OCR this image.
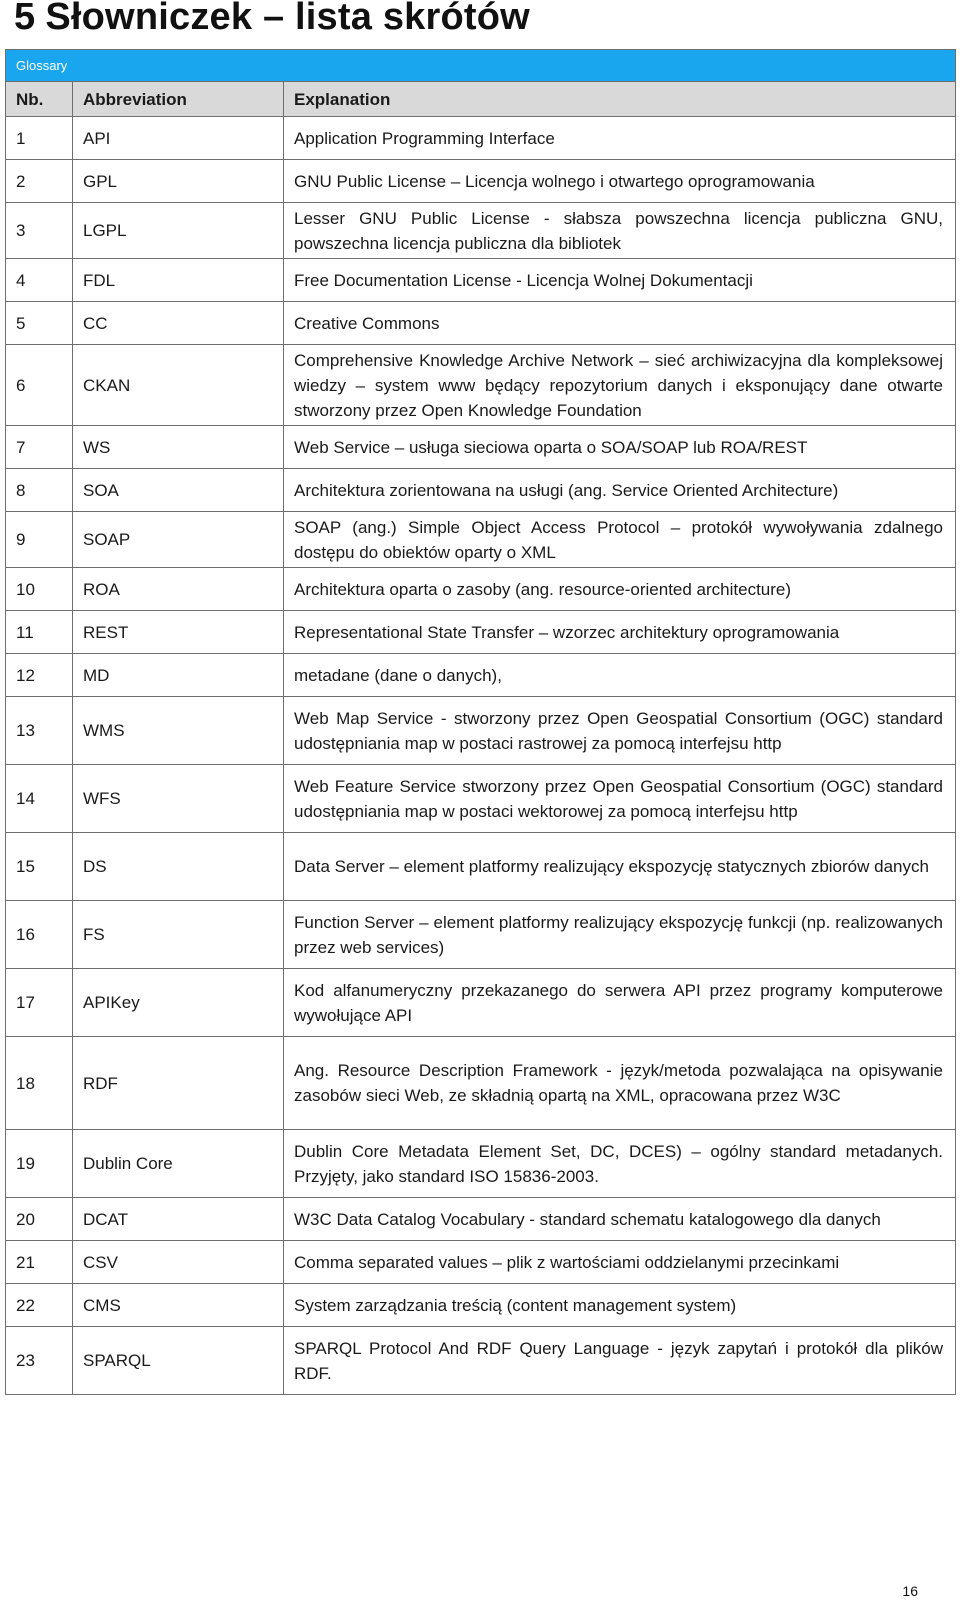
5 Słowniczek – lista skrótów
Glossary		
Nb.	Abbreviation	Explanation
1	API	Application Programming Interface
2	GPL	GNU Public License – Licencja wolnego i otwartego oprogramowania
3	LGPL	Lesser GNU Public License - słabsza powszechna licencja publiczna GNU, powszechna licencja publiczna dla bibliotek
4	FDL	Free Documentation License - Licencja Wolnej Dokumentacji
5	CC	Creative Commons
6	CKAN	Comprehensive Knowledge Archive Network – sieć archiwizacyjna dla kompleksowej wiedzy – system www będący repozytorium danych i eksponujący dane otwarte stworzony przez Open Knowledge Foundation
7	WS	Web Service – usługa sieciowa oparta o SOA/SOAP lub ROA/REST
8	SOA	Architektura zorientowana na usługi (ang. Service Oriented Architecture)
9	SOAP	SOAP (ang.) Simple Object Access Protocol – protokół wywoływania zdalnego dostępu do obiektów oparty o XML
10	ROA	Architektura oparta o zasoby (ang. resource-oriented architecture)
11	REST	Representational State Transfer – wzorzec architektury oprogramowania
12	MD	metadane (dane o danych),
13	WMS	Web Map Service - stworzony przez Open Geospatial Consortium (OGC) standard udostępniania map w postaci rastrowej za pomocą interfejsu http
14	WFS	Web Feature Service stworzony przez Open Geospatial Consortium (OGC) standard udostępniania map w postaci wektorowej za pomocą interfejsu http
15	DS	Data Server – element platformy realizujący ekspozycję statycznych zbiorów danych
16	FS	Function Server – element platformy realizujący ekspozycję funkcji (np. realizowanych przez web services)
17	APIKey	Kod alfanumeryczny przekazanego do serwera API przez programy komputerowe wywołujące API
18	RDF	Ang. Resource Description Framework - język/metoda pozwalająca na opisywanie zasobów sieci Web, ze składnią opartą na XML, opracowana przez W3C
19	Dublin Core	Dublin Core Metadata Element Set, DC, DCES) – ogólny standard metadanych. Przyjęty, jako standard ISO 15836-2003.
20	DCAT	W3C Data Catalog Vocabulary - standard schematu katalogowego dla danych
21	CSV	Comma separated values – plik z wartościami oddzielanymi przecinkami
22	CMS	System zarządzania treścią (content management system)
23	SPARQL	SPARQL Protocol And RDF Query Language - język zapytań i protokół dla plików RDF.
16
